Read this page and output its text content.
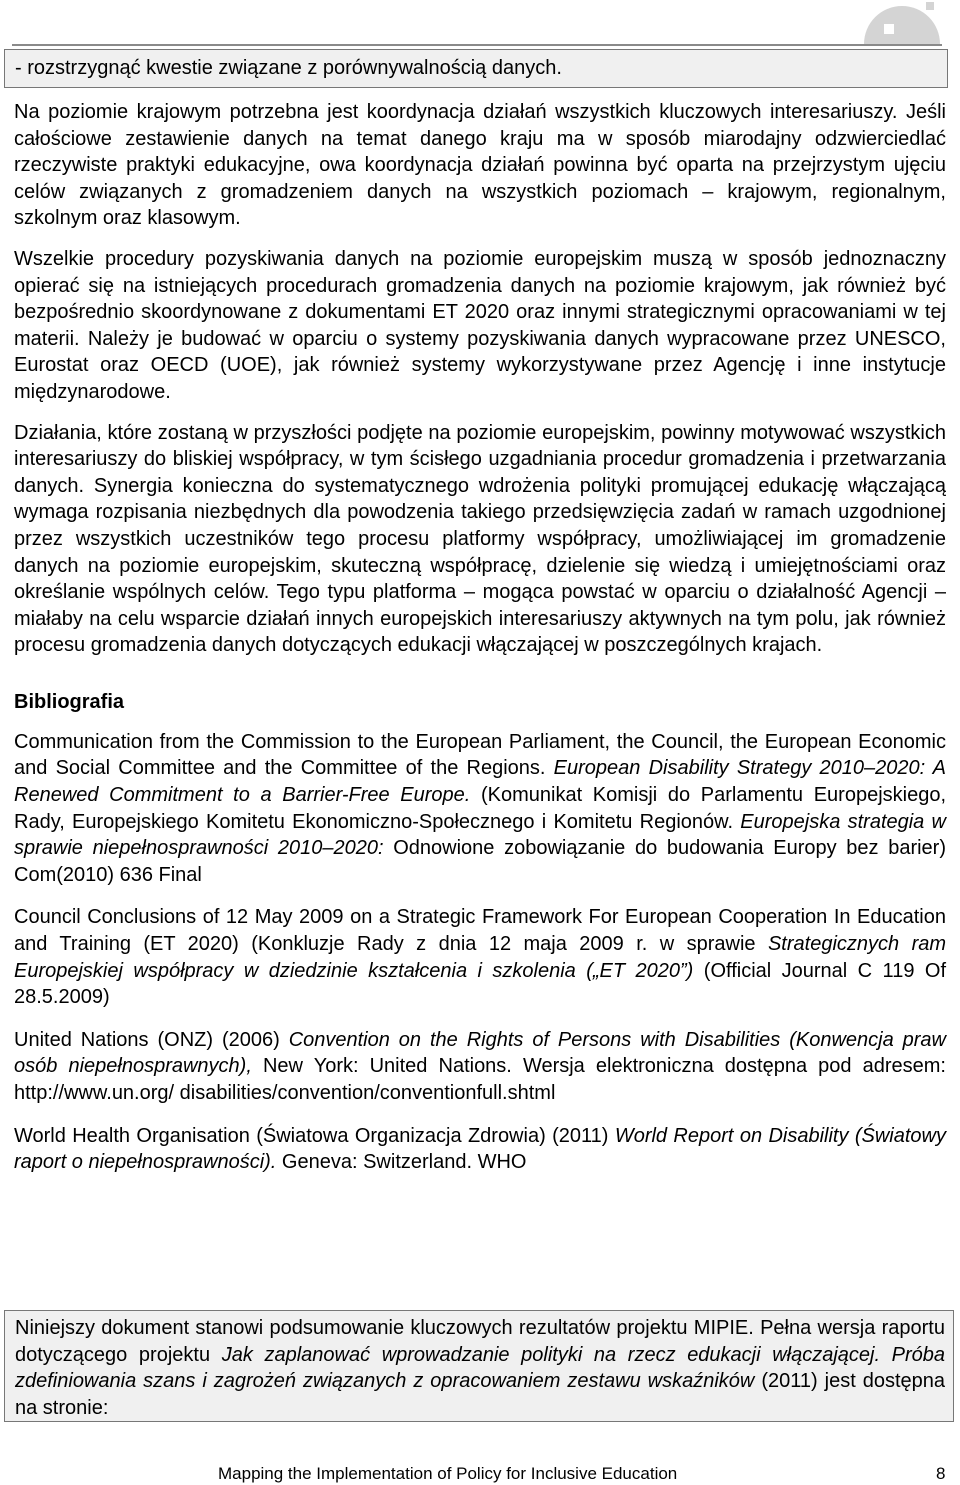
- rozstrzygnąć kwestie związane z porównywalnością danych.

Na poziomie krajowym potrzebna jest koordynacja działań wszystkich kluczowych interesariuszy. Jeśli całościowe zestawienie danych na temat danego kraju ma w sposób miarodajny odzwierciedlać rzeczywiste praktyki edukacyjne, owa koordynacja działań powinna być oparta na przejrzystym ujęciu celów związanych z gromadzeniem danych na wszystkich poziomach – krajowym, regionalnym, szkolnym oraz klasowym.

Wszelkie procedury pozyskiwania danych na poziomie europejskim muszą w sposób jednoznaczny opierać się na istniejących procedurach gromadzenia danych na poziomie krajowym, jak również być bezpośrednio skoordynowane z dokumentami ET 2020 oraz innymi strategicznymi opracowaniami w tej materii. Należy je budować w oparciu o systemy pozyskiwania danych wypracowane przez UNESCO, Eurostat oraz OECD (UOE), jak również systemy wykorzystywane przez Agencję i inne instytucje międzynarodowe.

Działania, które zostaną w przyszłości podjęte na poziomie europejskim, powinny motywować wszystkich interesariuszy do bliskiej współpracy, w tym ścisłego uzgadniania procedur gromadzenia i przetwarzania danych. Synergia konieczna do systematycznego wdrożenia polityki promującej edukację włączającą wymaga rozpisania niezbędnych dla powodzenia takiego przedsięwzięcia zadań w ramach uzgodnionej przez wszystkich uczestników tego procesu platformy współpracy, umożliwiającej im gromadzenie danych na poziomie europejskim, skuteczną współpracę, dzielenie się wiedzą i umiejętnościami oraz określanie wspólnych celów. Tego typu platforma – mogąca powstać w oparciu o działalność Agencji – miałaby na celu wsparcie działań innych europejskich interesariuszy aktywnych na tym polu, jak również procesu gromadzenia danych dotyczących edukacji włączającej w poszczególnych krajach.

Bibliografia

Communication from the Commission to the European Parliament, the Council, the European Economic and Social Committee and the Committee of the Regions. European Disability Strategy 2010–2020: A Renewed Commitment to a Barrier-Free Europe. (Komunikat Komisji do Parlamentu Europejskiego, Rady, Europejskiego Komitetu Ekonomiczno-Społecznego i Komitetu Regionów. Europejska strategia w sprawie niepełnosprawności 2010–2020: Odnowione zobowiązanie do budowania Europy bez barier) Com(2010) 636 Final

Council Conclusions of 12 May 2009 on a Strategic Framework For European Cooperation In Education and Training (ET 2020) (Konkluzje Rady z dnia 12 maja 2009 r. w sprawie Strategicznych ram Europejskiej współpracy w dziedzinie kształcenia i szkolenia („ET 2020”) (Official Journal C 119 Of 28.5.2009)

United Nations (ONZ) (2006) Convention on the Rights of Persons with Disabilities (Konwencja praw osób niepełnosprawnych), New York: United Nations. Wersja elektroniczna dostępna pod adresem: http://www.un.org/ disabilities/convention/conventionfull.shtml

World Health Organisation (Światowa Organizacja Zdrowia) (2011) World Report on Disability (Światowy raport o niepełnosprawności). Geneva: Switzerland. WHO

Niniejszy dokument stanowi podsumowanie kluczowych rezultatów projektu MIPIE. Pełna wersja raportu dotyczącego projektu Jak zaplanować wprowadzanie polityki na rzecz edukacji włączającej. Próba zdefiniowania szans i zagrożeń związanych z opracowaniem zestawu wskaźników (2011) jest dostępna na stronie:
Mapping the Implementation of Policy for Inclusive Education	8
